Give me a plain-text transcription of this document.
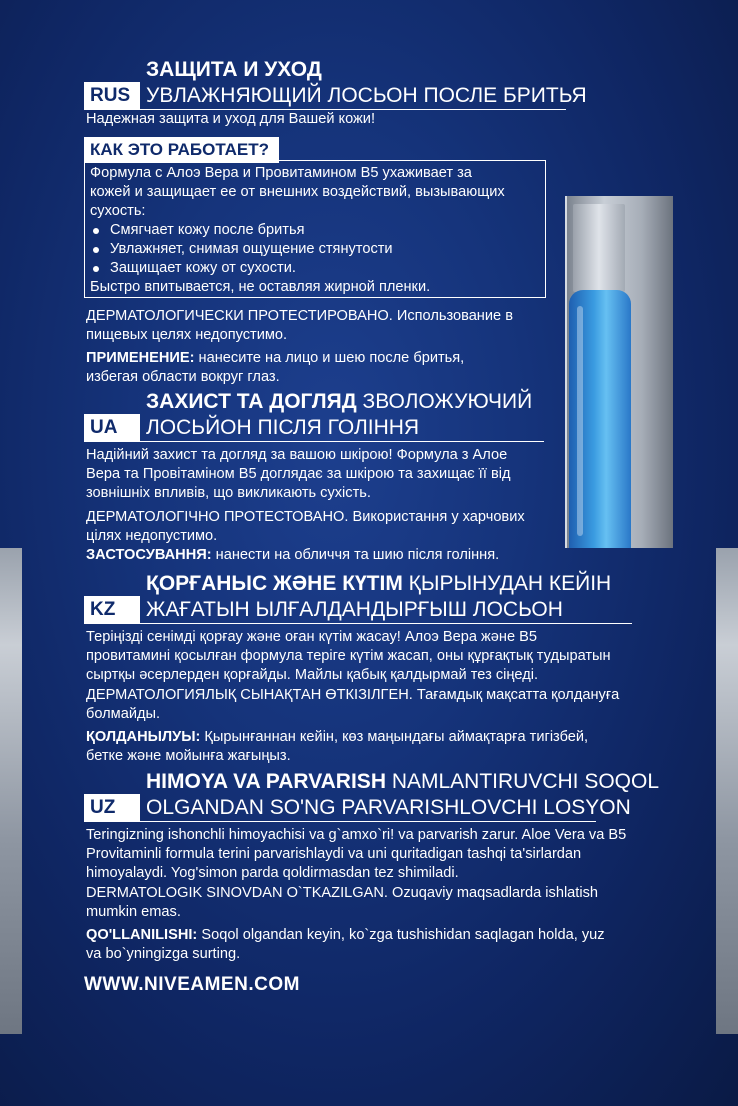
ЗАЩИТА И УХОД
RUS УВЛАЖНЯЮЩИЙ ЛОСЬОН ПОСЛЕ БРИТЬЯ
Надежная защита и уход для Вашей кожи!
КАК ЭТО РАБОТАЕТ?
Формула с Алоэ Вера и Провитамином B5 ухаживает за
кожей и защищает ее от внешних воздействий, вызывающих
сухость:
Смягчает кожу после бритья
Увлажняет, снимая ощущение стянутости
Защищает кожу от сухости.
Быстро впитывается, не оставляя жирной пленки.
ДЕРМАТОЛОГИЧЕСКИ ПРОТЕСТИРОВАНО. Использование в
пищевых целях недопустимо.
ПРИМЕНЕНИЕ: нанесите на лицо и шею после бритья,
избегая области вокруг глаз.
ЗАХИСТ ТА ДОГЛЯД ЗВОЛОЖУЮЧИЙ
UA	ЛОСЬЙОН ПІСЛЯ ГОЛІННЯ
Надійний захист та догляд за вашою шкірою! Формула з Алое
Вера та Провітаміном B5 доглядає за шкірою та захищає її від
зовнішніх впливів, що викликають сухість.
ДЕРМАТОЛОГІЧНО ПРОТЕСТОВАНО. Використання у харчових
цілях недопустимо.
ЗАСТОСУВАННЯ: нанести на обличчя та шию після гоління.
ҚОРҒАНЫС ЖӘНЕ КҮТІМ ҚЫРЫНУДАН КЕЙІН
KZ	ЖАҒАТЫН ЫЛҒАЛДАНДЫРҒЫШ ЛОСЬОН
Теріңізді сенімді қорғау және оған күтім жасау! Алоэ Вера және B5
провитамині қосылған формула теріге күтім жасап, оны құрғақтық тудыратын
сыртқы әсерлерден қорғайды. Майлы қабық қалдырмай тез сіңеді.
ДЕРМАТОЛОГИЯЛЫҚ СЫНАҚТАН ӨТКІЗІЛГЕН. Тағамдық мақсатта қолдануға
болмайды.
ҚОЛДАНЫЛУЫ: Қырынғаннан кейін, көз маңындағы аймақтарға тигізбей,
бетке және мойынға жағыңыз.
HIMOYA VA PARVARISH NAMLANTIRUVCHI SOQOL
UZ	OLGANDAN SO'NG PARVARISHLOVCHI LOSYON
Teringizning ishonchli himoyachisi va g`amxo`ri! va parvarish zarur. Aloe Vera va B5
Provitaminli formula terini parvarishlaydi va uni quritadigan tashqi ta'sirlardan
himoyalaydi. Yog'simon parda qoldirmasdan tez shimiladi.
DERMATOLOGIK SINOVDAN O`TKAZILGAN. Ozuqaviy maqsadlarda ishlatish
mumkin emas.
QO'LLANILISHI: Soqol olgandan keyin, ko`zga tushishidan saqlagan holda, yuz
va bo`yningizga surting.
WWW.NIVEAMEN.COM
